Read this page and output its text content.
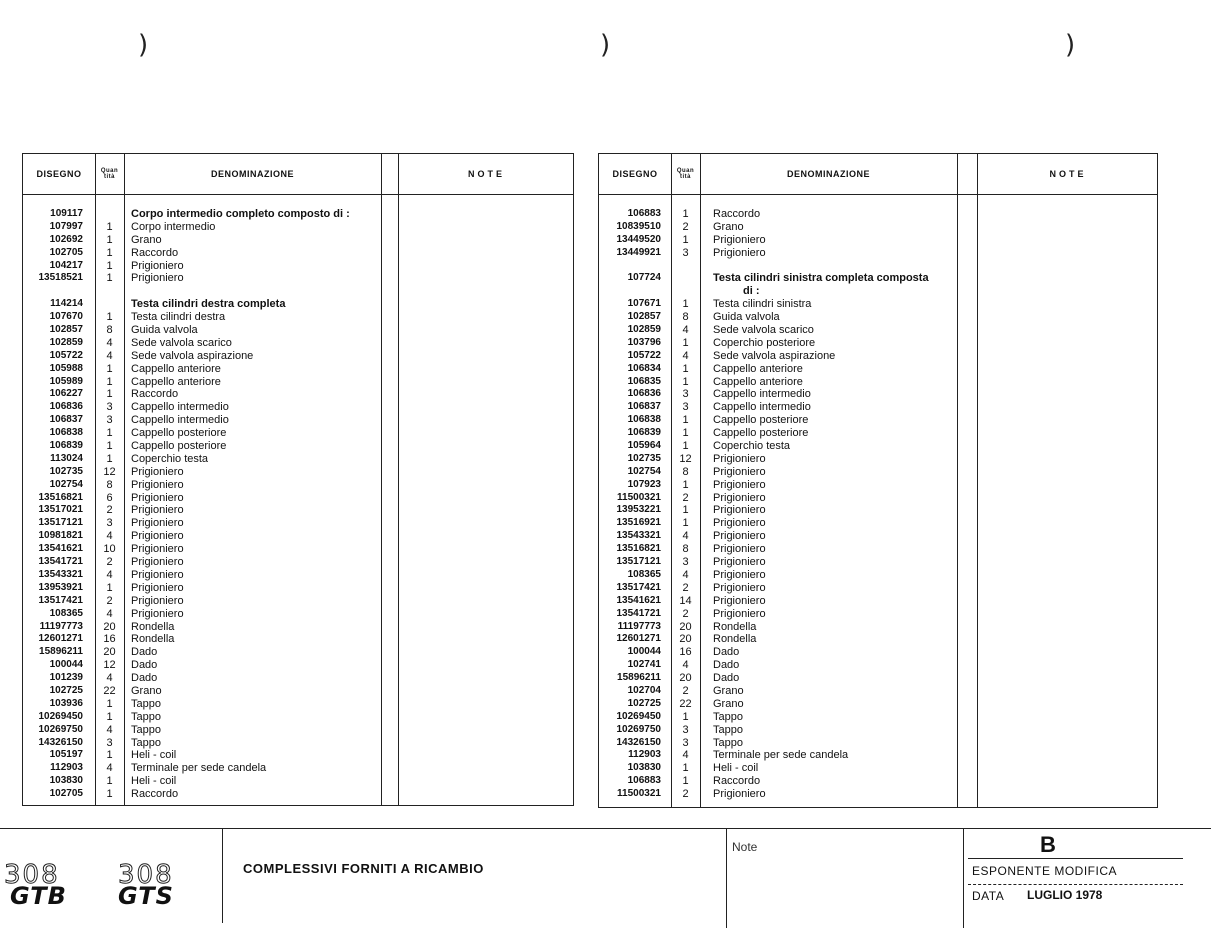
)	)	)
DISEGNO	Quan
tità	DENOMINAZIONE	NOTE
109117	Corpo intermedio completo composto di :
107997	1	Corpo intermedio
102692	1	Grano
102705	1	Raccordo
104217	1	Prigioniero
13518521	1	Prigioniero
114214	Testa cilindri destra completa
107670	1	Testa cilindri destra
102857	8	Guida valvola
102859	4	Sede valvola scarico
105722	4	Sede valvola aspirazione
105988	1	Cappello anteriore
105989	1	Cappello anteriore
106227	1	Raccordo
106836	3	Cappello intermedio
106837	3	Cappello intermedio
106838	1	Cappello posteriore
106839	1	Cappello posteriore
113024	1	Coperchio testa
102735	12	Prigioniero
102754	8	Prigioniero
13516821	6	Prigioniero
13517021	2	Prigioniero
13517121	3	Prigioniero
10981821	4	Prigioniero
13541621	10	Prigioniero
13541721	2	Prigioniero
13543321	4	Prigioniero
13953921	1	Prigioniero
13517421	2	Prigioniero
108365	4	Prigioniero
11197773	20	Rondella
12601271	16	Rondella
15896211	20	Dado
100044	12	Dado
101239	4	Dado
102725	22	Grano
103936	1	Tappo
10269450	1	Tappo
10269750	4	Tappo
14326150	3	Tappo
105197	1	Heli - coil
112903	4	Terminale per sede candela
103830	1	Heli - coil
102705	1	Raccordo
DISEGNO	Quan
tità	DENOMINAZIONE	NOTE
106883	1	Raccordo
10839510	2	Grano
13449520	1	Prigioniero
13449921	3	Prigioniero
107724	Testa cilindri sinistra completa composta
di :
107671	1	Testa cilindri sinistra
102857	8	Guida valvola
102859	4	Sede valvola scarico
103796	1	Coperchio posteriore
105722	4	Sede valvola aspirazione
106834	1	Cappello anteriore
106835	1	Cappello anteriore
106836	3	Cappello intermedio
106837	3	Cappello intermedio
106838	1	Cappello posteriore
106839	1	Cappello posteriore
105964	1	Coperchio testa
102735	12	Prigioniero
102754	8	Prigioniero
107923	1	Prigioniero
11500321	2	Prigioniero
13953221	1	Prigioniero
13516921	1	Prigioniero
13543321	4	Prigioniero
13516821	8	Prigioniero
13517121	3	Prigioniero
108365	4	Prigioniero
13517421	2	Prigioniero
13541621	14	Prigioniero
13541721	2	Prigioniero
11197773	20	Rondella
12601271	20	Rondella
100044	16	Dado
102741	4	Dado
15896211	20	Dado
102704	2	Grano
102725	22	Grano
10269450	1	Tappo
10269750	3	Tappo
14326150	3	Tappo
112903	4	Terminale per sede candela
103830	1	Heli - coil
106883	1	Raccordo
11500321	2	Prigioniero
308 308
GTB GTS
COMPLESSIVI FORNITI A RICAMBIO
Note	B
ESPONENTE MODIFICA
DATA LUGLIO 1978
